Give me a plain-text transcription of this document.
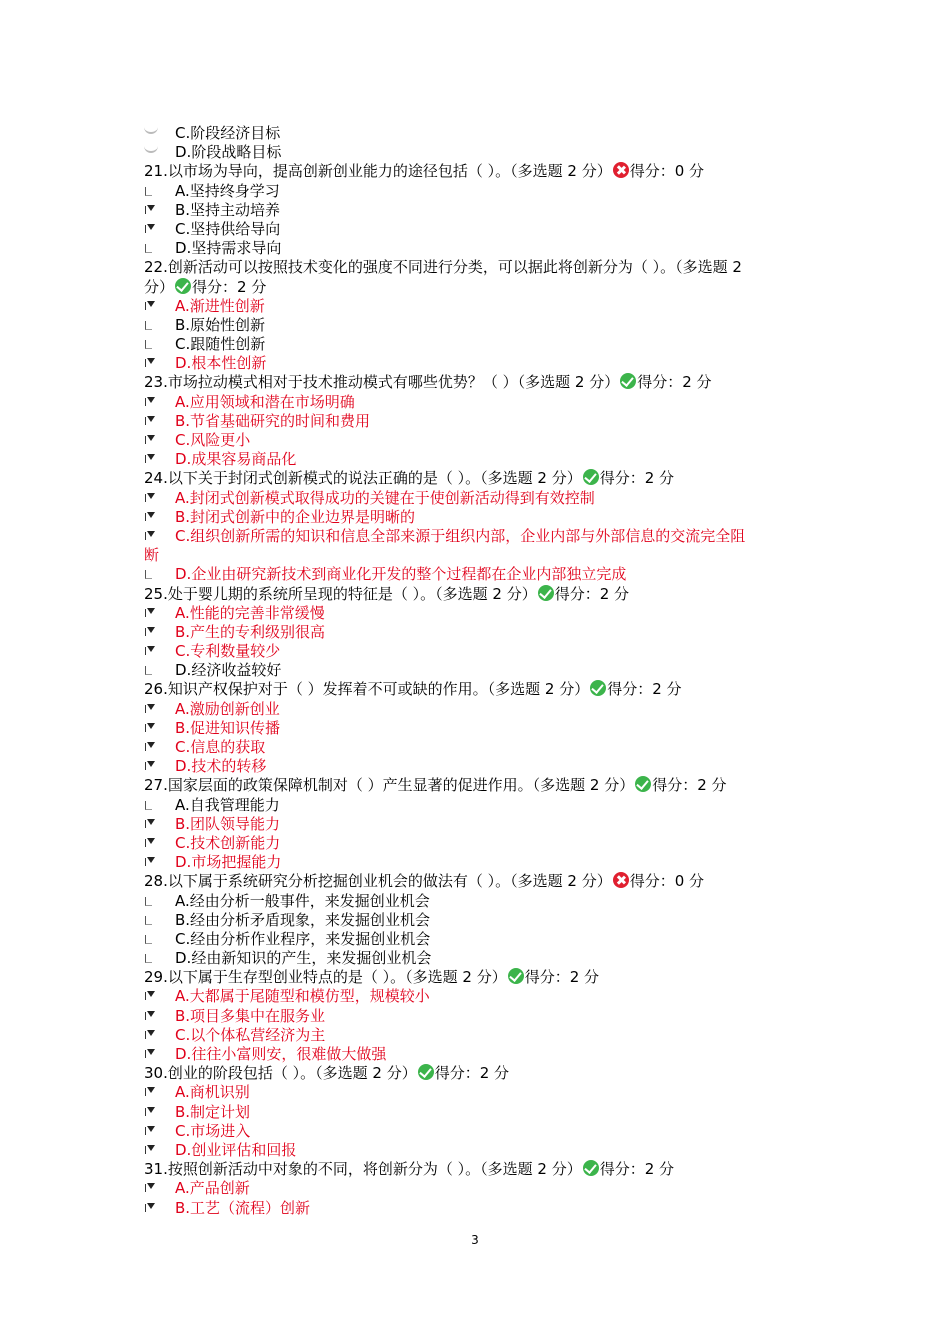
C.阶段经济目标
D.阶段战略目标
21.以市场为导向，提高创新创业能力的途径包括（ ）。（多选题 2 分） 得分：0 分
A.坚持终身学习
B.坚持主动培养
C.坚持供给导向
D.坚持需求导向
22.创新活动可以按照技术变化的强度不同进行分类，可以据此将创新分为（ ）。（多选题 2
分） 得分：2 分
A.渐进性创新
B.原始性创新
C.跟随性创新
D.根本性创新
23.市场拉动模式相对于技术推动模式有哪些优势？（ ）（多选题 2 分） 得分：2 分
A.应用领域和潜在市场明确
B.节省基础研究的时间和费用
C.风险更小
D.成果容易商品化
24.以下关于封闭式创新模式的说法正确的是（ ）。（多选题 2 分） 得分：2 分
A.封闭式创新模式取得成功的关键在于使创新活动得到有效控制
B.封闭式创新中的企业边界是明晰的
C.组织创新所需的知识和信息全部来源于组织内部，企业内部与外部信息的交流完全阻
断
D.企业由研究新技术到商业化开发的整个过程都在企业内部独立完成
25.处于婴儿期的系统所呈现的特征是（ ）。（多选题 2 分） 得分：2 分
A.性能的完善非常缓慢
B.产生的专利级别很高
C.专利数量较少
D.经济收益较好
26.知识产权保护对于（ ）发挥着不可或缺的作用。（多选题 2 分） 得分：2 分
A.激励创新创业
B.促进知识传播
C.信息的获取
D.技术的转移
27.国家层面的政策保障机制对（ ）产生显著的促进作用。（多选题 2 分） 得分：2 分
A.自我管理能力
B.团队领导能力
C.技术创新能力
D.市场把握能力
28.以下属于系统研究分析挖掘创业机会的做法有（ ）。（多选题 2 分） 得分：0 分
A.经由分析一般事件，来发掘创业机会
B.经由分析矛盾现象，来发掘创业机会
C.经由分析作业程序，来发掘创业机会
D.经由新知识的产生，来发掘创业机会
29.以下属于生存型创业特点的是（ ）。（多选题 2 分） 得分：2 分
A.大都属于尾随型和模仿型，规模较小
B.项目多集中在服务业
C.以个体私营经济为主
D.往往小富则安，很难做大做强
30.创业的阶段包括（ ）。（多选题 2 分） 得分：2 分
A.商机识别
B.制定计划
C.市场进入
D.创业评估和回报
31.按照创新活动中对象的不同，将创新分为（ ）。（多选题 2 分） 得分：2 分
A.产品创新
B.工艺（流程）创新
3
